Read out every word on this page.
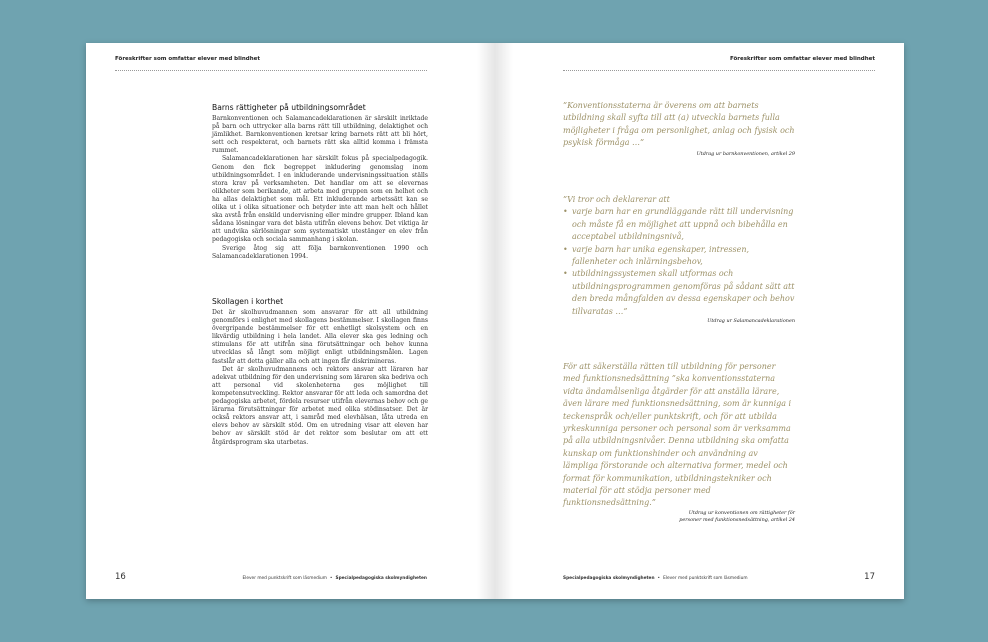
Föreskrifter som omfattar elever med blindhet
Barns rättigheter på utbildningsområdet

Barnkonventionen och Salamancadeklarationen är särskilt inriktade på barn och uttrycker alla barns rätt till utbildning, delaktighet och jämlikhet. Barnkonventionen kretsar kring barnets rätt att bli hört, sett och respekterat, och barnets rätt ska alltid komma i främsta rummet.

Salamancadeklarationen har särskilt fokus på specialpedagogik. Genom den fick begreppet inkludering genomslag inom utbildningsområdet. I en inkluderande undervisningssituation ställs stora krav på verksamheten. Det handlar om att se elevernas olikheter som berikande, att arbeta med gruppen som en helhet och ha allas delaktighet som mål. Ett inkluderande arbetssätt kan se olika ut i olika situationer och betyder inte att man helt och hållet ska avstå från enskild undervisning eller mindre grupper. Ibland kan sådana lösningar vara det bästa utifrån elevens behov. Det viktiga är att undvika särlösningar som systematiskt utestänger en elev från pedagogiska och sociala sammanhang i skolan.

Sverige åtog sig att följa barnkonventionen 1990 och Salamancadeklarationen 1994.

Skollagen i korthet

Det är skolhuvudmannen som ansvarar för att all utbildning genomförs i enlighet med skollagens bestämmelser. I skollagen finns övergripande bestämmelser för ett enhetligt skolsystem och en likvärdig utbildning i hela landet. Alla elever ska ges ledning och stimulans för att utifrån sina förutsättningar och behov kunna utvecklas så långt som möjligt enligt utbildningsmålen. Lagen fastslår att detta gäller alla och att ingen får diskrimineras.

Det är skolhuvudmannens och rektors ansvar att läraren har adekvat utbildning för den undervisning som läraren ska bedriva och att personal vid skolenheterna ges möjlighet till kompetensutveckling. Rektor ansvarar för att leda och samordna det pedagogiska arbetet, fördela resurser utifrån elevernas behov och ge lärarna förutsättningar för arbetet med olika stödinsatser. Det är också rektors ansvar att, i samråd med elevhälsan, låta utreda en elevs behov av särskilt stöd. Om en utredning visar att eleven har behov av särskilt stöd är det rektor som beslutar om att ett åtgärdsprogram ska utarbetas.

16	Elever med punktskrift som läsmedium • Specialpedagogiska skolmyndigheten
Föreskrifter som omfattar elever med blindhet

”Konventionsstaterna är överens om att barnets utbildning skall syfta till att (a) utveckla barnets fulla möjligheter i fråga om personlighet, anlag och fysisk och psykisk förmåga …”

Utdrag ur barnkonventionen, artikel 29

”Vi tror och deklarerar att

• varje barn har en grundläggande rätt till undervisning och måste få en möjlighet att uppnå och bibehålla en acceptabel utbildningsnivå,
• varje barn har unika egenskaper, intressen, fallenheter och inlärningsbehov,
• utbildningssystemen skall utformas och utbildningsprogrammen genomföras på sådant sätt att den breda mångfalden av dessa egenskaper och behov tillvaratas …”
Utdrag ur Salamancadeklarationen

För att säkerställa rätten till utbildning för personer med funktionsnedsättning ”ska konventionsstaterna vidta ändamålsenliga åtgärder för att anställa lärare, även lärare med funktionsnedsättning, som är kunniga i teckenspråk och/eller punktskrift, och för att utbilda yrkeskunniga personer och personal som är verksamma på alla utbildningsnivåer. Denna utbildning ska omfatta kunskap om funktionshinder och användning av lämpliga förstorande och alternativa former, medel och format för kommunikation, utbildningstekniker och material för att stödja personer med funktionsnedsättning.”

Utdrag ur konventionen om rättigheter för
personer med funktionsnedsättning, artikel 24
Specialpedagogiska skolmyndigheten • Elever med punktskrift som läsmedium	17
